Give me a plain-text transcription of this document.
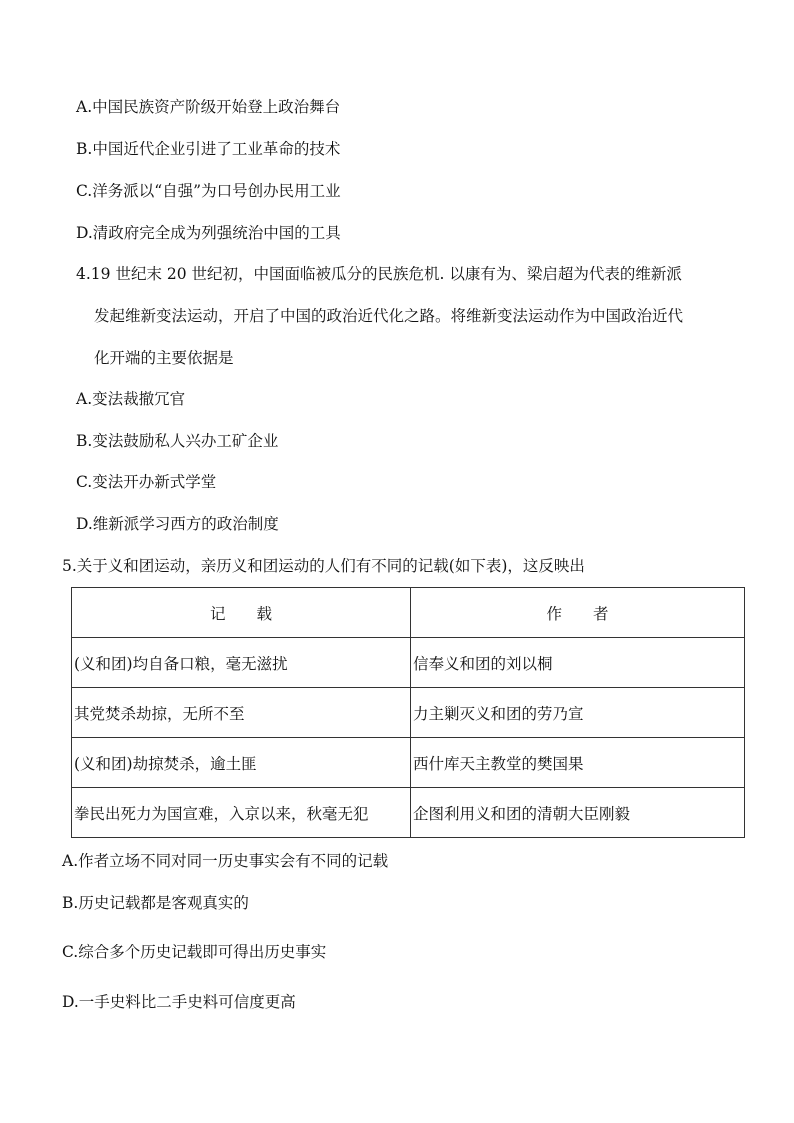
A.中国民族资产阶级开始登上政治舞台
B.中国近代企业引进了工业革命的技术
C.洋务派以“自强”为口号创办民用工业
D.清政府完全成为列强统治中国的工具
4.19 世纪末 20 世纪初，中国面临被瓜分的民族危机. 以康有为、梁启超为代表的维新派
发起维新变法运动，开启了中国的政治近代化之路。将维新变法运动作为中国政治近代
化开端的主要依据是
A.变法裁撤冗官
B.变法鼓励私人兴办工矿企业
C.变法开办新式学堂
D.维新派学习西方的政治制度
5.关于义和团运动，亲历义和团运动的人们有不同的记载(如下表)，这反映出
记　　载	作　　者
(义和团)均自备口粮，毫无滋扰	信奉义和团的刘以桐
其党焚杀劫掠，无所不至	力主剿灭义和团的劳乃宣
(义和团)劫掠焚杀，逾土匪	西什库天主教堂的樊国果
拳民出死力为国宣难，入京以来，秋毫无犯	企图利用义和团的清朝大臣刚毅
A.作者立场不同对同一历史事实会有不同的记载
B.历史记载都是客观真实的
C.综合多个历史记载即可得出历史事实
D.一手史料比二手史料可信度更高
